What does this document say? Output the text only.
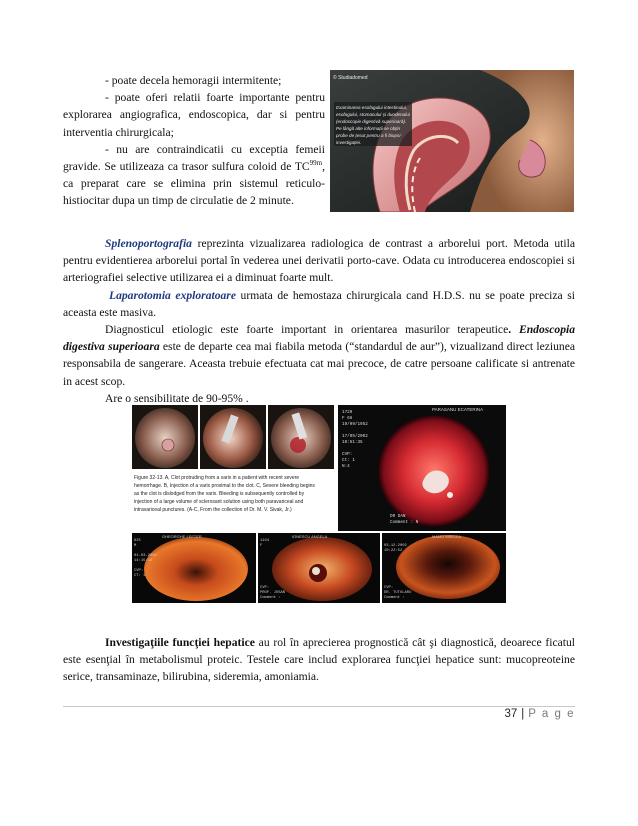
- poate decela hemoragii intermitente;
- poate oferi relatii foarte importante pentru explorarea angiografica, endoscopica, dar si pentru interventia chirurgicala;
- nu are contraindicatii cu exceptia femeii gravide. Se utilizeaza ca trasor sulfura coloid de $TC^{99m}$, ca preparat care se elimina prin sistemul reticulo-histiocitar dupa un timp de circulatie de 2 minute.
© Studiadomed
Examinarea esofagului intestinului,
esofagului, stomacului și duodenului
(endoscopie digestivă superioară).
Pe lângă alte informații se obțin
probe de țesut pentru a fi biopsi-
investigației.
Splenoportografia reprezinta vizualizarea radiologica de contrast a arborelui port. Metoda utila pentru evidentierea arborelui portal în vederea unei derivatii porto-cave. Odata cu introducerea endoscopiei si arteriografiei selective utilizarea ei a diminuat foarte mult.
Laparotomia exploratoare urmata de hemostaza chirurgicala cand H.D.S. nu se poate preciza si aceasta este masiva.
Diagnosticul etiologic este foarte important in orientarea masurilor terapeutice. Endoscopia digestiva superioara este de departe cea mai fiabila metoda (“standardul de aur”), vizualizand direct leziunea responsabila de sangerare. Aceasta trebuie efectuata cat mai precoce, de catre persoane calificate si antrenate in acest scop.
Are o sensibilitate de 90-95% .
Figure 32-13. A, Clot protruding from a varix in a patient with recent severe
hemorrhage. B, Injection of a varix proximal to the clot. C, Severe bleeding begins
as the clot is dislodged from the varix. Bleeding is subsequently controlled by
injection of a large volume of sclerosant solution using both paravariceal and
intravariceal punctures. (A-C, From the collection of Dr. M. V. Sivak, Jr.)
PARASANU ECATERINA
1729
F 66
19/09/1952
17/05/2002
10:51:35
CVP:
Ct: 1
N:4
DR DAN
Comment : N
GHEORGHE LEFTER
925
M
01-03-2002
14:15:42
CVP:
CT: 1
IONESCU ANGELA
1104
F
CVP:
PROF. JOSAN
Comment :
MAMU MIRCEA
03-12-2002
10:22:52
CVP:
DR. TUTULARU
Comment :
Investigaţiile funcţiei hepatice au rol în aprecierea prognostică cât şi diagnostică, deoarece ficatul este esenţial în metabolismul proteic. Testele care includ explorarea funcţiei hepatice sunt: mucopreoteine serice, transaminaze, bilirubina, sideremia, amoniamia.
37 | P a g e
